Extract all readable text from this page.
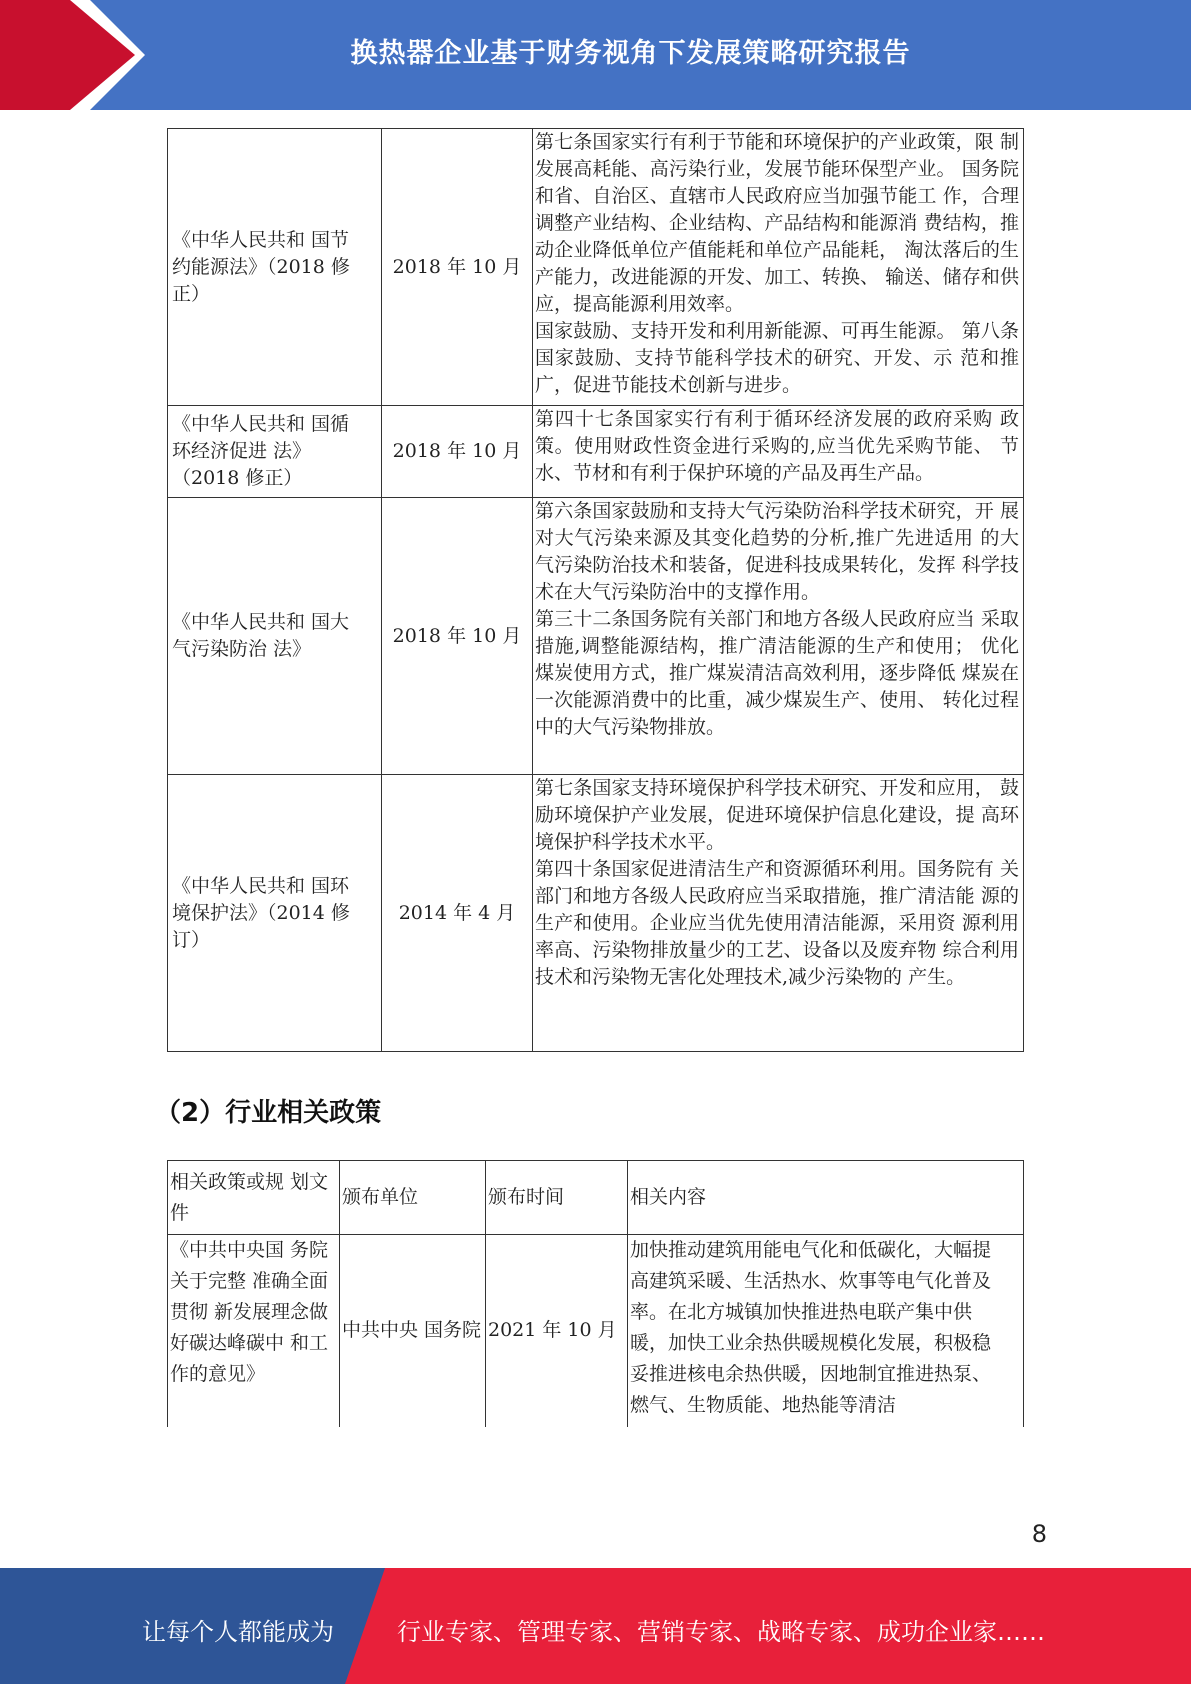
换热器企业基于财务视角下发展策略研究报告
《中华人民共和 国节约能源法》（2018 修正）	2018 年 10 月	第七条国家实行有利于节能和环境保护的产业政策，限 制发展高耗能、高污染行业，发展节能环保型产业。 国务院和省、自治区、直辖市人民政府应当加强节能工 作，合理调整产业结构、企业结构、产品结构和能源消 费结构，推动企业降低单位产值能耗和单位产品能耗， 淘汰落后的生产能力，改进能源的开发、加工、转换、 输送、储存和供应，提高能源利用效率。

国家鼓励、支持开发和利用新能源、可再生能源。 第八条国家鼓励、支持节能科学技术的研究、开发、示 范和推广，促进节能技术创新与进步。

《中华人民共和 国循环经济促进 法》（2018 修正）	2018 年 10 月	第四十七条国家实行有利于循环经济发展的政府采购 政策。使用财政性资金进行采购的,应当优先采购节能、 节水、节材和有利于保护环境的产品及再生产品。

《中华人民共和 国大气污染防治 法》	2018 年 10 月	第六条国家鼓励和支持大气污染防治科学技术研究，开 展对大气污染来源及其变化趋势的分析,推广先进适用 的大气污染防治技术和装备，促进科技成果转化，发挥 科学技术在大气污染防治中的支撑作用。

第三十二条国务院有关部门和地方各级人民政府应当 采取措施,调整能源结构，推广清洁能源的生产和使用； 优化煤炭使用方式，推广煤炭清洁高效利用，逐步降低 煤炭在一次能源消费中的比重，减少煤炭生产、使用、 转化过程中的大气污染物排放。

《中华人民共和 国环境保护法》（2014 修订）	2014 年 4 月	第七条国家支持环境保护科学技术研究、开发和应用， 鼓励环境保护产业发展，促进环境保护信息化建设，提 高环境保护科学技术水平。

第四十条国家促进清洁生产和资源循环利用。国务院有 关部门和地方各级人民政府应当采取措施，推广清洁能 源的生产和使用。企业应当优先使用清洁能源，采用资 源利用率高、污染物排放量少的工艺、设备以及废弃物 综合利用技术和污染物无害化处理技术,减少污染物的 产生。

（2）行业相关政策
相关政策或规 划文件	颁布单位	颁布时间	相关内容
《中共中央国 务院关于完整 准确全面贯彻 新发展理念做 好碳达峰碳中 和工作的意见》	中共中央 国务院	2021 年 10 月	加快推动建筑用能电气化和低碳化，大幅提高建筑采暖、生活热水、炊事等电气化普及率。在北方城镇加快推进热电联产集中供暖，加快工业余热供暖规模化发展，积极稳妥推进核电余热供暖，因地制宜推进热泵、燃气、生物质能、地热能等清洁
8
让每个人都能成为	行业专家、管理专家、营销专家、战略专家、成功企业家……
